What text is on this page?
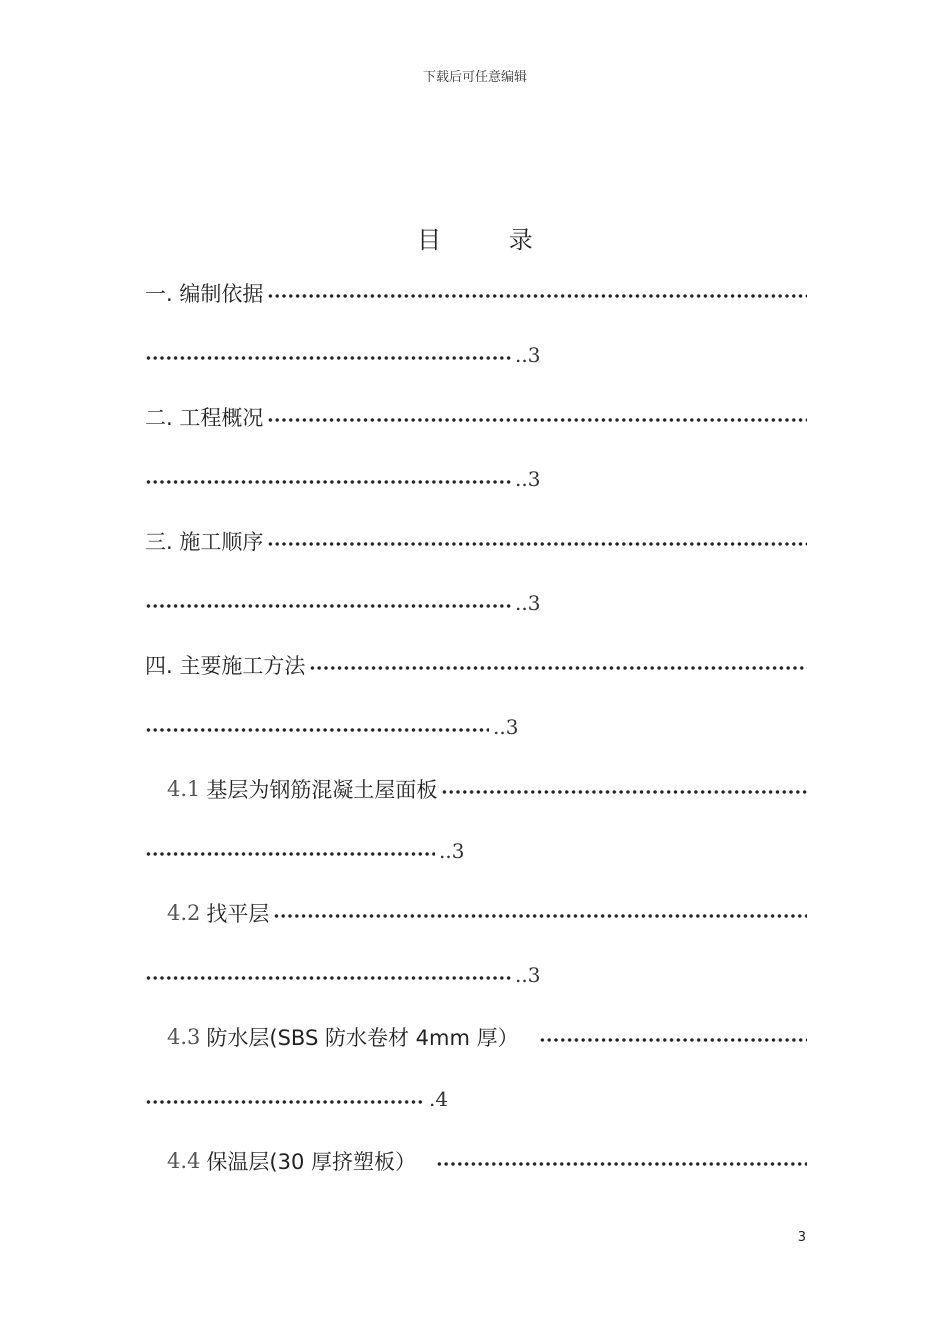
下载后可任意编辑
目 录
一. 编制依据
..3
二. 工程概况
..3
三. 施工顺序
..3
四. 主要施工方法
..3
4.1 基层为钢筋混凝土屋面板
..3
4.2 找平层
..3
4.3 防水层(SBS 防水卷材 4mm 厚）
.4
4.4 保温层(30 厚挤塑板）
3
